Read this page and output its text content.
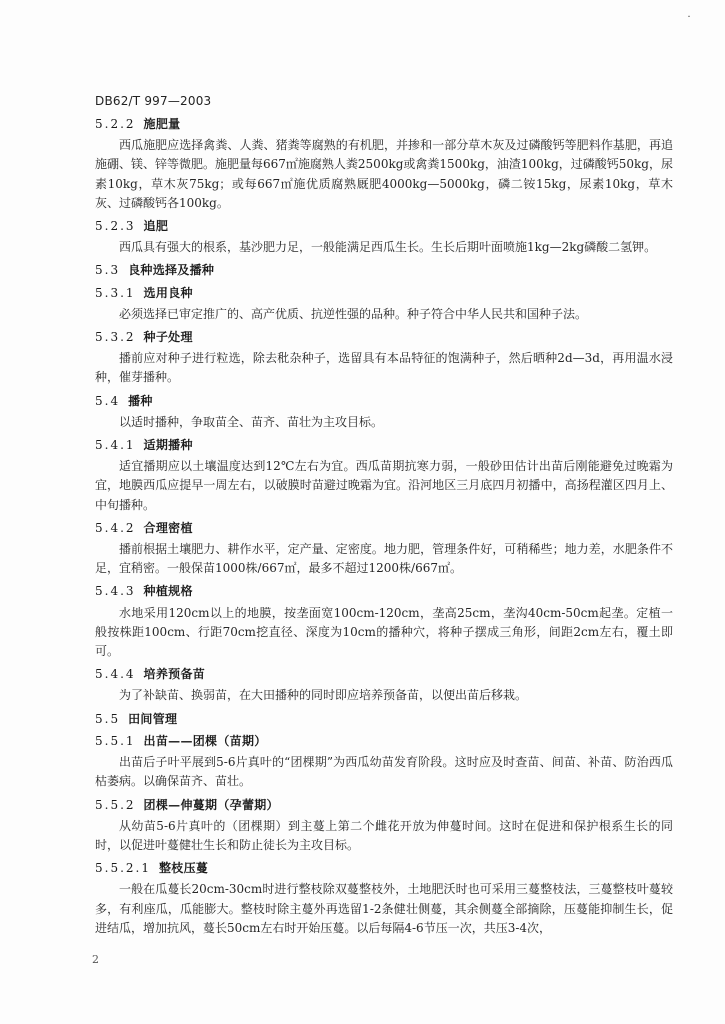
˙
DB62/T 997—2003
5.2.2 施肥量
西瓜施肥应选择禽粪、人粪、猪粪等腐熟的有机肥，并掺和一部分草木灰及过磷酸钙等肥料作基肥，再追施硼、镁、锌等微肥。施肥量每667㎡施腐熟人粪2500kg或禽粪1500kg，油渣100kg，过磷酸钙50kg，尿素10kg，草木灰75kg；或每667㎡施优质腐熟厩肥4000kg—5000kg，磷二铵15kg，尿素10kg，草木灰、过磷酸钙各100kg。
5.2.3 追肥
西瓜具有强大的根系，基沙肥力足，一般能满足西瓜生长。生长后期叶面喷施1kg—2kg磷酸二氢钾。
5.3 良种选择及播种
5.3.1 选用良种
必须选择已审定推广的、高产优质、抗逆性强的品种。种子符合中华人民共和国种子法。
5.3.2 种子处理
播前应对种子进行粒选，除去秕杂种子，选留具有本品特征的饱满种子，然后晒种2d—3d，再用温水浸种，催芽播种。
5.4 播种
以适时播种，争取苗全、苗齐、苗壮为主攻目标。
5.4.1 适期播种
适宜播期应以土壤温度达到12℃左右为宜。西瓜苗期抗寒力弱，一般砂田估计出苗后刚能避免过晚霜为宜，地膜西瓜应提早一周左右，以破膜时苗避过晚霜为宜。沿河地区三月底四月初播中，高扬程灌区四月上、中旬播种。
5.4.2 合理密植
播前根据土壤肥力、耕作水平，定产量、定密度。地力肥，管理条件好，可稍稀些；地力差，水肥条件不足，宜稍密。一般保苗1000株/667㎡，最多不超过1200株/667㎡。
5.4.3 种植规格
水地采用120cm以上的地膜，按垄面宽100cm-120cm，垄高25cm，垄沟40cm-50cm起垄。定植一般按株距100cm、行距70cm挖直径、深度为10cm的播种穴，将种子摆成三角形，间距2cm左右，覆土即可。
5.4.4 培养预备苗
为了补缺苗、换弱苗，在大田播种的同时即应培养预备苗，以便出苗后移栽。
5.5 田间管理
5.5.1 出苗——团棵（苗期）
出苗后子叶平展到5-6片真叶的“团棵期”为西瓜幼苗发育阶段。这时应及时查苗、间苗、补苗、防治西瓜枯萎病。以确保苗齐、苗壮。
5.5.2 团棵—伸蔓期（孕蕾期）
从幼苗5-6片真叶的（团棵期）到主蔓上第二个雌花开放为伸蔓时间。这时在促进和保护根系生长的同时，以促进叶蔓健壮生长和防止徒长为主攻目标。
5.5.2.1 整枝压蔓
一般在瓜蔓长20cm-30cm时进行整枝除双蔓整枝外，土地肥沃时也可采用三蔓整枝法，三蔓整枝叶蔓较多，有利座瓜，瓜能膨大。整枝时除主蔓外再选留1-2条健壮侧蔓，其余侧蔓全部摘除，压蔓能抑制生长，促进结瓜，增加抗风，蔓长50cm左右时开始压蔓。以后每隔4-6节压一次，共压3-4次，
2
